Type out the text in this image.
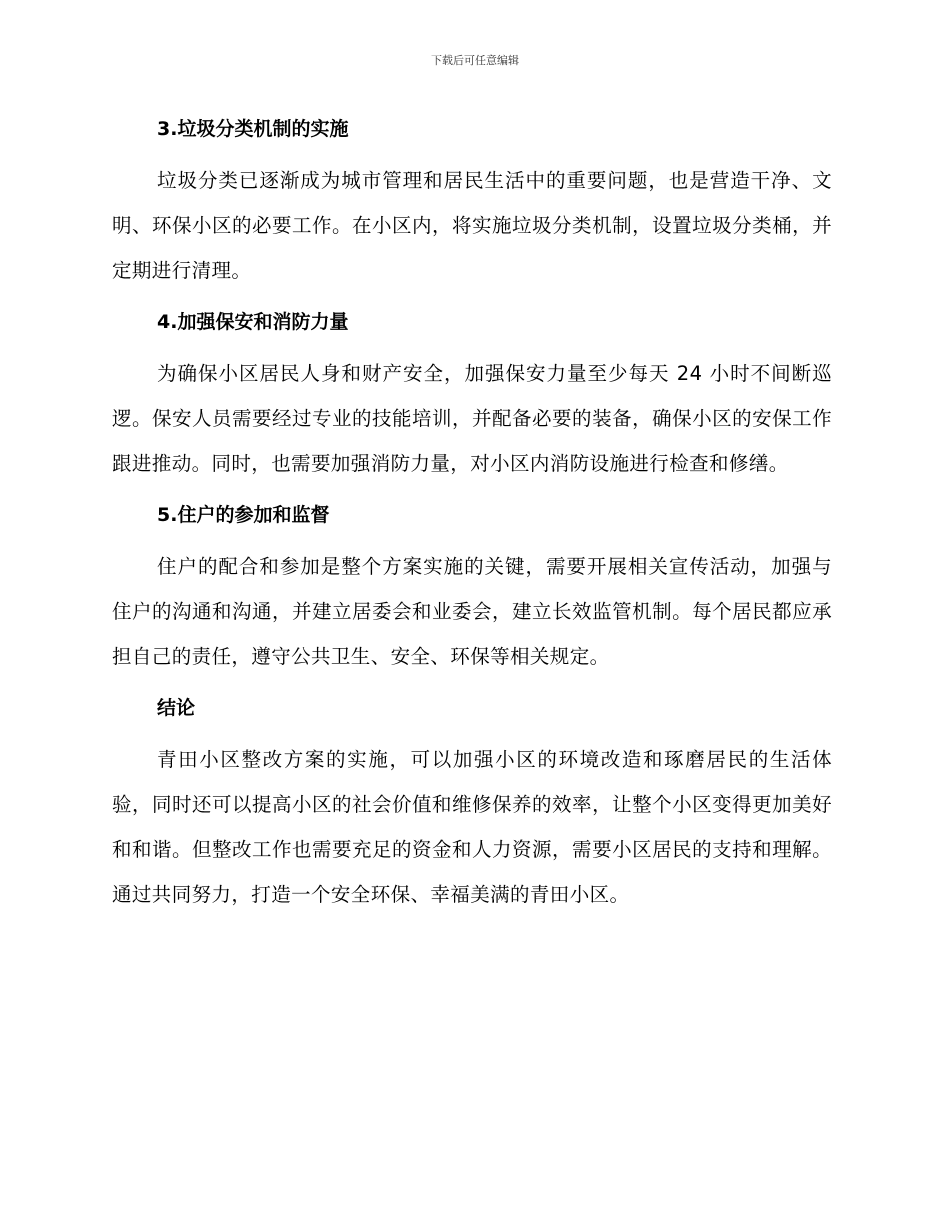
下载后可任意编辑
3.垃圾分类机制的实施
垃圾分类已逐渐成为城市管理和居民生活中的重要问题，也是营造干净、文明、环保小区的必要工作。在小区内，将实施垃圾分类机制，设置垃圾分类桶，并定期进行清理。
4.加强保安和消防力量
为确保小区居民人身和财产安全，加强保安力量至少每天 24 小时不间断巡逻。保安人员需要经过专业的技能培训，并配备必要的装备，确保小区的安保工作跟进推动。同时，也需要加强消防力量，对小区内消防设施进行检查和修缮。
5.住户的参加和监督
住户的配合和参加是整个方案实施的关键，需要开展相关宣传活动，加强与住户的沟通和沟通，并建立居委会和业委会，建立长效监管机制。每个居民都应承担自己的责任，遵守公共卫生、安全、环保等相关规定。
结论
青田小区整改方案的实施，可以加强小区的环境改造和琢磨居民的生活体验，同时还可以提高小区的社会价值和维修保养的效率，让整个小区变得更加美好和和谐。但整改工作也需要充足的资金和人力资源，需要小区居民的支持和理解。通过共同努力，打造一个安全环保、幸福美满的青田小区。
